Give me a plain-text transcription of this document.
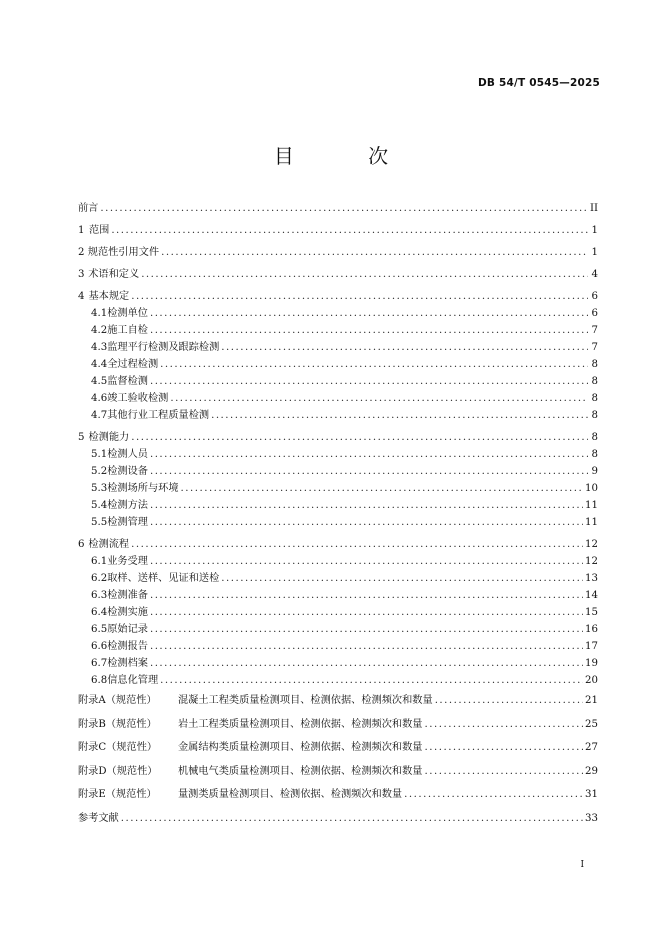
DB 54/T 0545—2025
目 次
前言 .....	II
1 范围 .....	1
2 规范性引用文件 .....	1
3 术语和定义 .....	4
4 基本规定 .....	6
4.1 检测单位 .....	6
4.2 施工自检 .....	7
4.3 监理平行检测及跟踪检测 .....	7
4.4 全过程检测 .....	8
4.5 监督检测 .....	8
4.6 竣工验收检测 .....	8
4.7 其他行业工程质量检测 .....	8
5 检测能力 .....	8
5.1 检测人员 .....	8
5.2 检测设备 .....	9
5.3 检测场所与环境 .....	10
5.4 检测方法 .....	11
5.5 检测管理 .....	11
6 检测流程 .....	12
6.1 业务受理 .....	12
6.2 取样、送样、见证和送检 .....	13
6.3 检测准备 .....	14
6.4 检测实施 .....	15
6.5 原始记录 .....	16
6.6 检测报告 .....	17
6.7 检测档案 .....	19
6.8 信息化管理 .....	20
附录A（规范性）	混凝土工程类质量检测项目、检测依据、检测频次和数量 .....	21
附录B（规范性）	岩土工程类质量检测项目、检测依据、检测频次和数量 .....	25
附录C（规范性）	金属结构类质量检测项目、检测依据、检测频次和数量 .....	27
附录D（规范性）	机械电气类质量检测项目、检测依据、检测频次和数量 .....	29
附录E（规范性）	量测类质量检测项目、检测依据、检测频次和数量 .....	31
参考文献 .....	33
I
